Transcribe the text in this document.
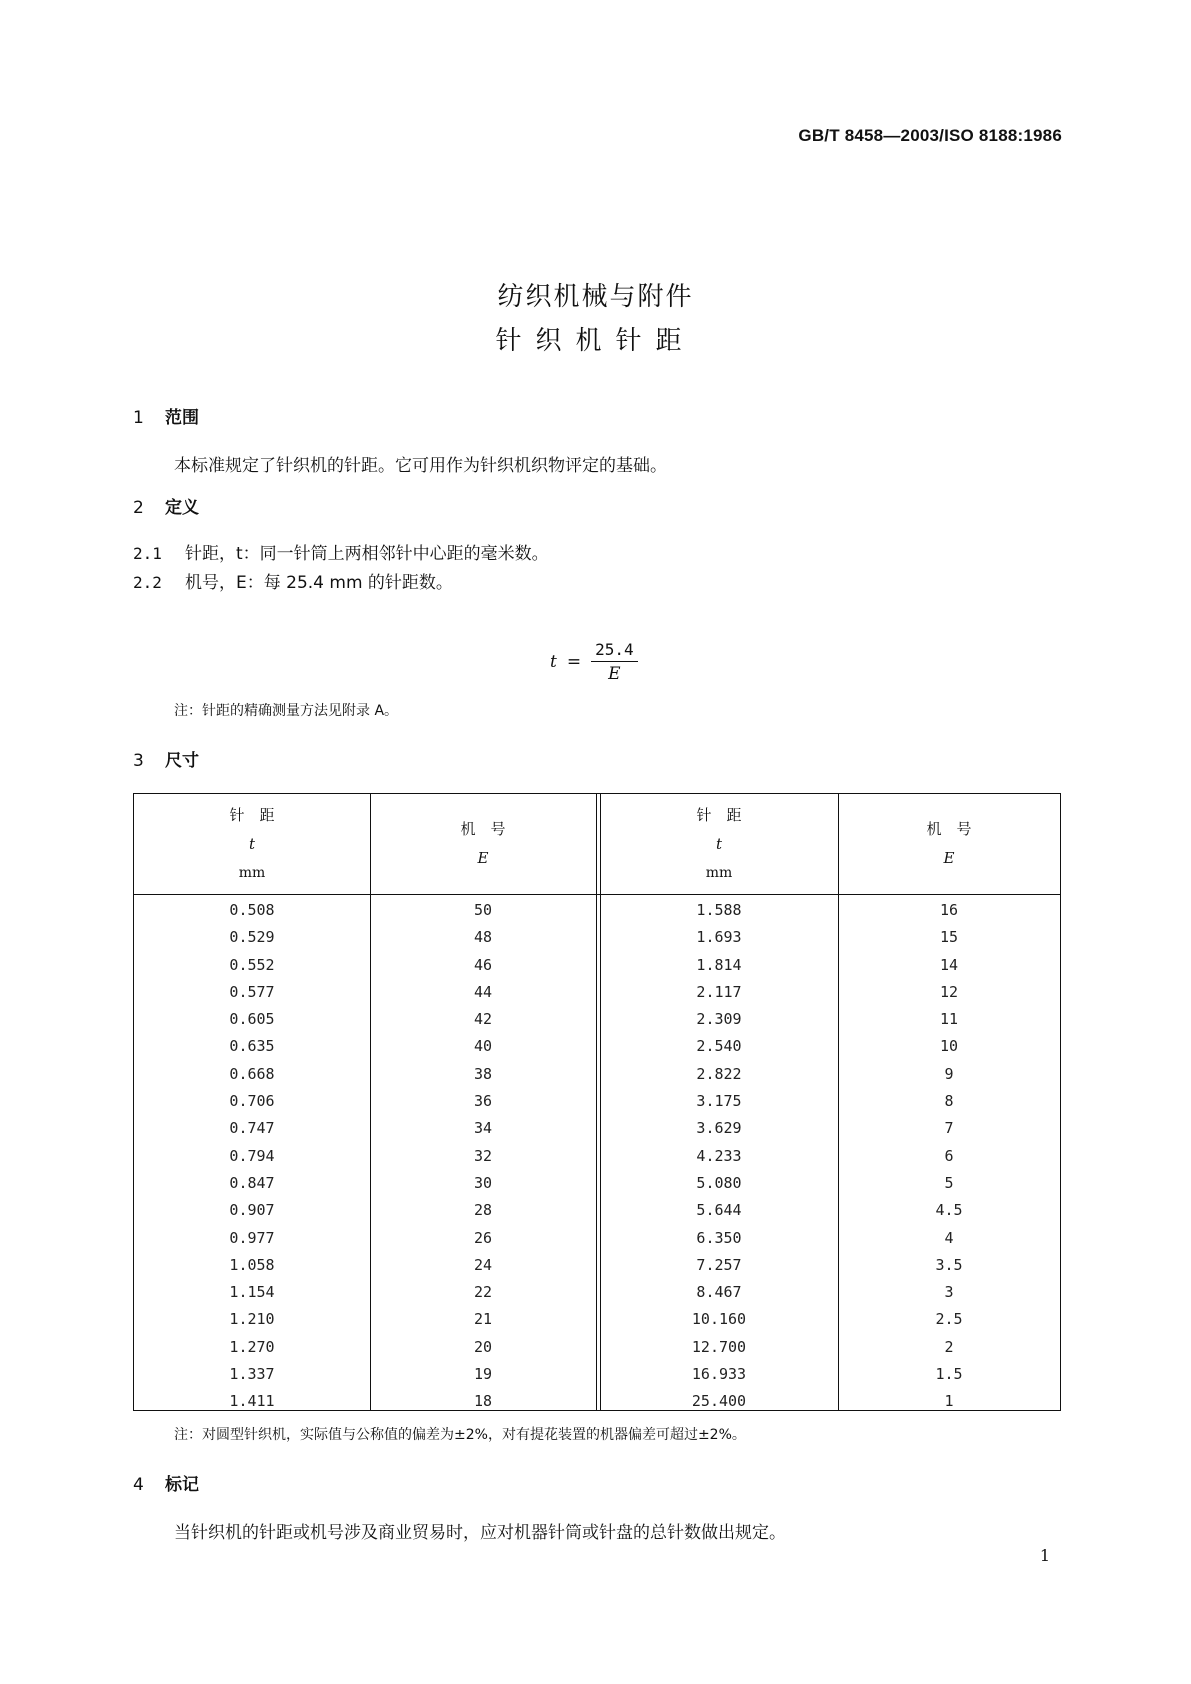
GB/T 8458—2003/ISO 8188:1986
纺织机械与附件
针织机针距
1 范围
本标准规定了针织机的针距。它可用作为针织机织物评定的基础。
2 定义
2.1 针距，t：同一针筒上两相邻针中心距的毫米数。
2.2 机号，E：每 25.4 mm 的针距数。
$t = \frac{25.4}{E}$
注：针距的精确测量方法见附录 A。
3 尺寸
针　距
t
mm
机　号
E
针　距
t
mm
机　号
E
0.508
0.529
0.552
0.577
0.605
0.635
0.668
0.706
0.747
0.794
0.847
0.907
0.977
1.058
1.154
1.210
1.270
1.337
1.411
50
48
46
44
42
40
38
36
34
32
30
28
26
24
22
21
20
19
18
1.588
1.693
1.814
2.117
2.309
2.540
2.822
3.175
3.629
4.233
5.080
5.644
6.350
7.257
8.467
10.160
12.700
16.933
25.400
16
15
14
12
11
10
9
8
7
6
5
4.5
4
3.5
3
2.5
2
1.5
1
注：对圆型针织机，实际值与公称值的偏差为±2%，对有提花装置的机器偏差可超过±2%。
4 标记
当针织机的针距或机号涉及商业贸易时，应对机器针筒或针盘的总针数做出规定。
1
